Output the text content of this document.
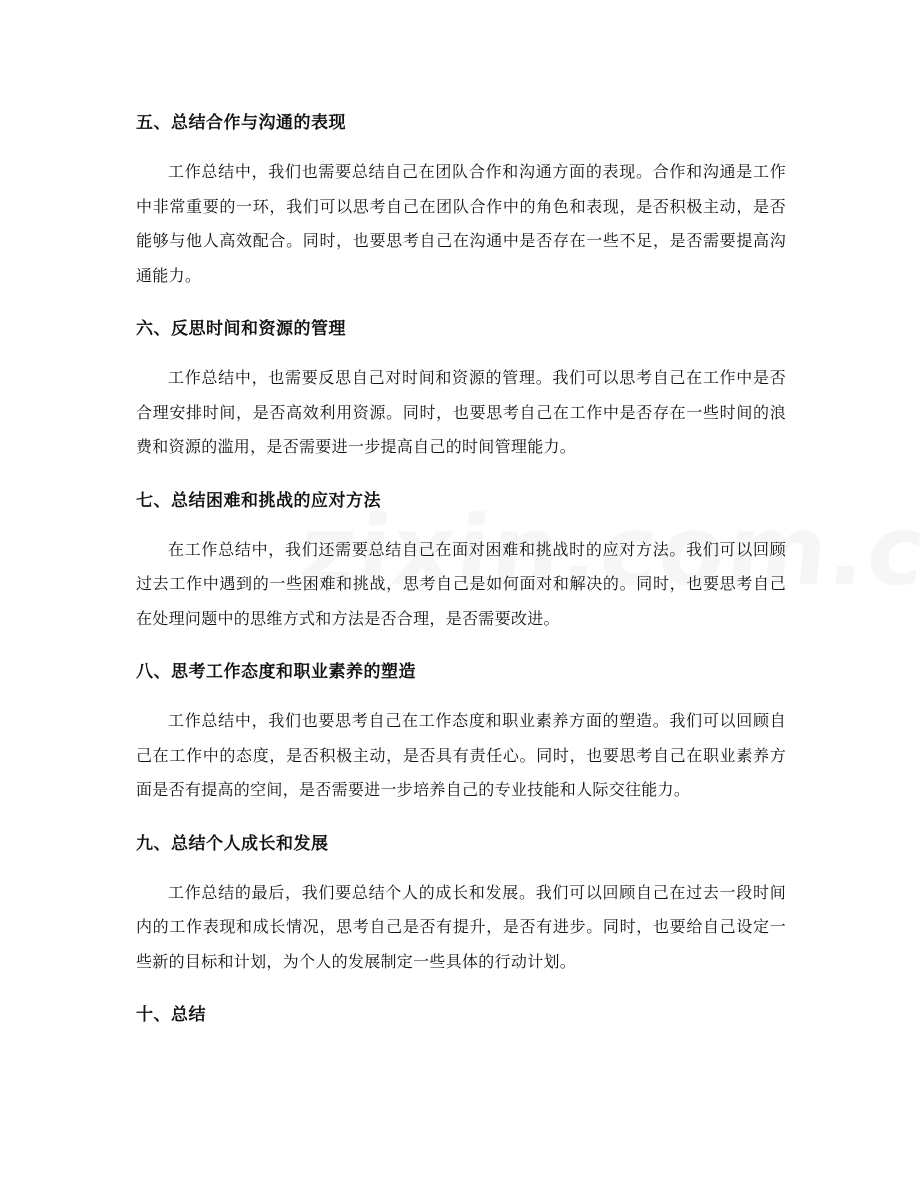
五、总结合作与沟通的表现

工作总结中，我们也需要总结自己在团队合作和沟通方面的表现。合作和沟通是工作中非常重要的一环，我们可以思考自己在团队合作中的角色和表现，是否积极主动，是否能够与他人高效配合。同时，也要思考自己在沟通中是否存在一些不足，是否需要提高沟通能力。

六、反思时间和资源的管理

工作总结中，也需要反思自己对时间和资源的管理。我们可以思考自己在工作中是否合理安排时间，是否高效利用资源。同时，也要思考自己在工作中是否存在一些时间的浪费和资源的滥用，是否需要进一步提高自己的时间管理能力。

七、总结困难和挑战的应对方法

在工作总结中，我们还需要总结自己在面对困难和挑战时的应对方法。我们可以回顾过去工作中遇到的一些困难和挑战，思考自己是如何面对和解决的。同时，也要思考自己在处理问题中的思维方式和方法是否合理，是否需要改进。

八、思考工作态度和职业素养的塑造

工作总结中，我们也要思考自己在工作态度和职业素养方面的塑造。我们可以回顾自己在工作中的态度，是否积极主动，是否具有责任心。同时，也要思考自己在职业素养方面是否有提高的空间，是否需要进一步培养自己的专业技能和人际交往能力。

九、总结个人成长和发展

工作总结的最后，我们要总结个人的成长和发展。我们可以回顾自己在过去一段时间内的工作表现和成长情况，思考自己是否有提升，是否有进步。同时，也要给自己设定一些新的目标和计划，为个人的发展制定一些具体的行动计划。

十、总结
